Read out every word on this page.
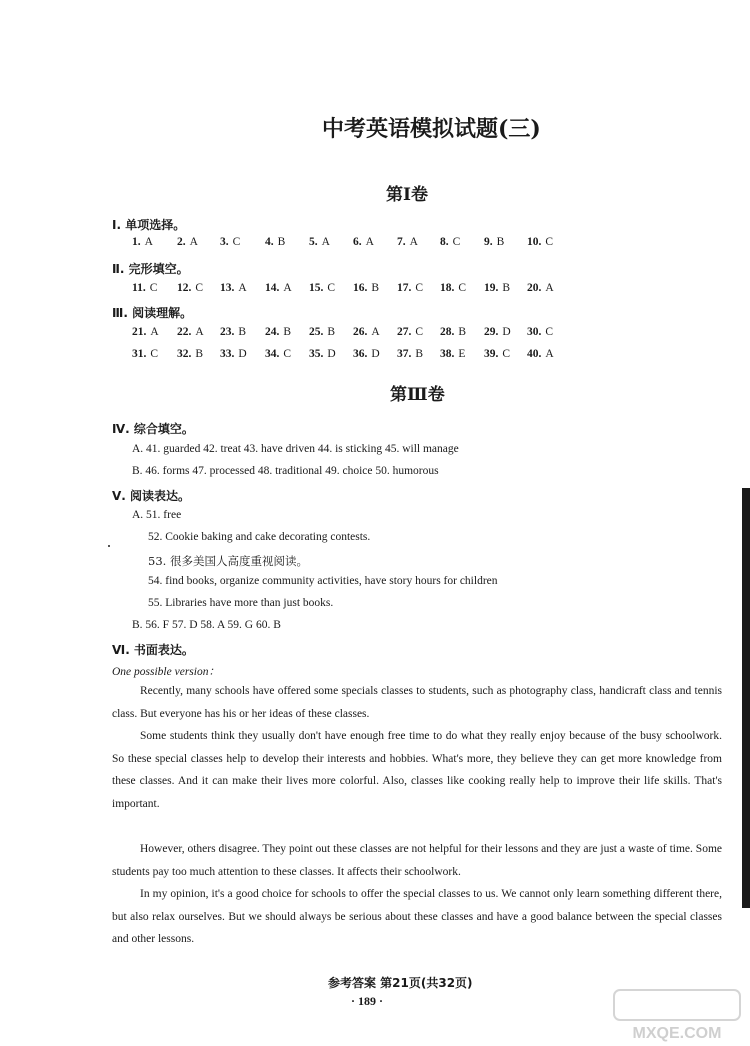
中考英语模拟试题(三)
第Ⅰ卷
Ⅰ. 单项选择。
1. A 2. A 3. C 4. B 5. A 6. A 7. A 8. C 9. B 10. C
Ⅱ. 完形填空。
11. C 12. C 13. A 14. A 15. C 16. B 17. C 18. C 19. B 20. A
Ⅲ. 阅读理解。
21. A 22. A 23. B 24. B 25. B 26. A 27. C 28. B 29. D 30. C
31. C 32. B 33. D 34. C 35. D 36. D 37. B 38. E 39. C 40. A
第Ⅲ卷
Ⅳ. 综合填空。
A. 41. guarded 42. treat 43. have driven 44. is sticking 45. will manage
B. 46. forms 47. processed 48. traditional 49. choice 50. humorous
Ⅴ. 阅读表达。
A. 51. free
52. Cookie baking and cake decorating contests.
53. 很多美国人高度重视阅读。
54. find books, organize community activities, have story hours for children
55. Libraries have more than just books.
B. 56. F 57. D 58. A 59. G 60. B
Ⅵ. 书面表达。
One possible version：
Recently, many schools have offered some specials classes to students, such as photography class, handicraft class and tennis class. But everyone has his or her ideas of these classes.
Some students think they usually don't have enough free time to do what they really enjoy because of the busy schoolwork. So these special classes help to develop their interests and hobbies. What's more, they believe they can get more knowledge from these classes. And it can make their lives more colorful. Also, classes like cooking really help to improve their life skills. That's important.
However, others disagree. They point out these classes are not helpful for their lessons and they are just a waste of time. Some students pay too much attention to these classes. It affects their schoolwork.
In my opinion, it's a good choice for schools to offer the special classes to us. We cannot only learn something different there, but also relax ourselves. But we should always be serious about these classes and have a good balance between the special classes and other lessons.
参考答案 第21页(共32页)
· 189 ·
MXQE.COM
